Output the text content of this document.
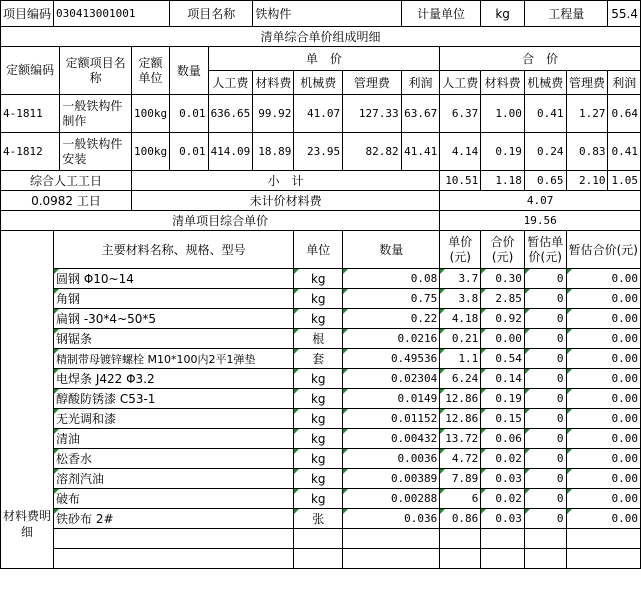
项目编码	030413001001			项目名称		铁构件			计量单位		kg	工程量		55.4
清单综合单价组成明细														
定额编码		定额项目名称	定额单位	数量	单　价					合　价				
					人工费	材料费	机械费	管理费	利润	人工费	材料费	机械费	管理费	利润
4-1811		一般铁构件 制作	100kg	0.01	636.65	99.92	41.07	127.33	63.67	6.37	1.00	0.41	1.27	0.64
4-1812		一般铁构件 安装	100kg	0.01	414.09	18.89	23.95	82.82	41.41	4.14	0.19	0.24	0.83	0.41
综合人工工日			小　计							10.51	1.18	0.65	2.10	1.05
0.0982 工日			未计价材料费							4.07				
清单项目综合单价										19.56				
材料费明细	主要材料名称、规格、型号						单位	数量		单价(元)	合价(元)	暂估单价(元)	暂估合价(元)	
	圆钢 Φ10~14						kg	0.08		3.7	0.30	0	0.00	
	角钢						kg	0.75		3.8	2.85	0	0.00	
	扁钢 -30*4~50*5						kg	0.22		4.18	0.92	0	0.00	
	钢锯条						根	0.0216		0.21	0.00	0	0.00	
	精制带母镀锌螺栓 M10*100内2平1弹垫						套	0.49536		1.1	0.54	0	0.00	
	电焊条 J422 Φ3.2						kg	0.02304		6.24	0.14	0	0.00	
	醇酸防锈漆 C53-1						kg	0.0149		12.86	0.19	0	0.00	
	无光调和漆						kg	0.01152		12.86	0.15	0	0.00	
	清油						kg	0.00432		13.72	0.06	0	0.00	
	松香水						kg	0.0036		4.72	0.02	0	0.00	
	溶剂汽油						kg	0.00389		7.89	0.03	0	0.00	
	破布						kg	0.00288		6	0.02	0	0.00	
	铁砂布 2#						张	0.036		0.86	0.03	0	0.00	
